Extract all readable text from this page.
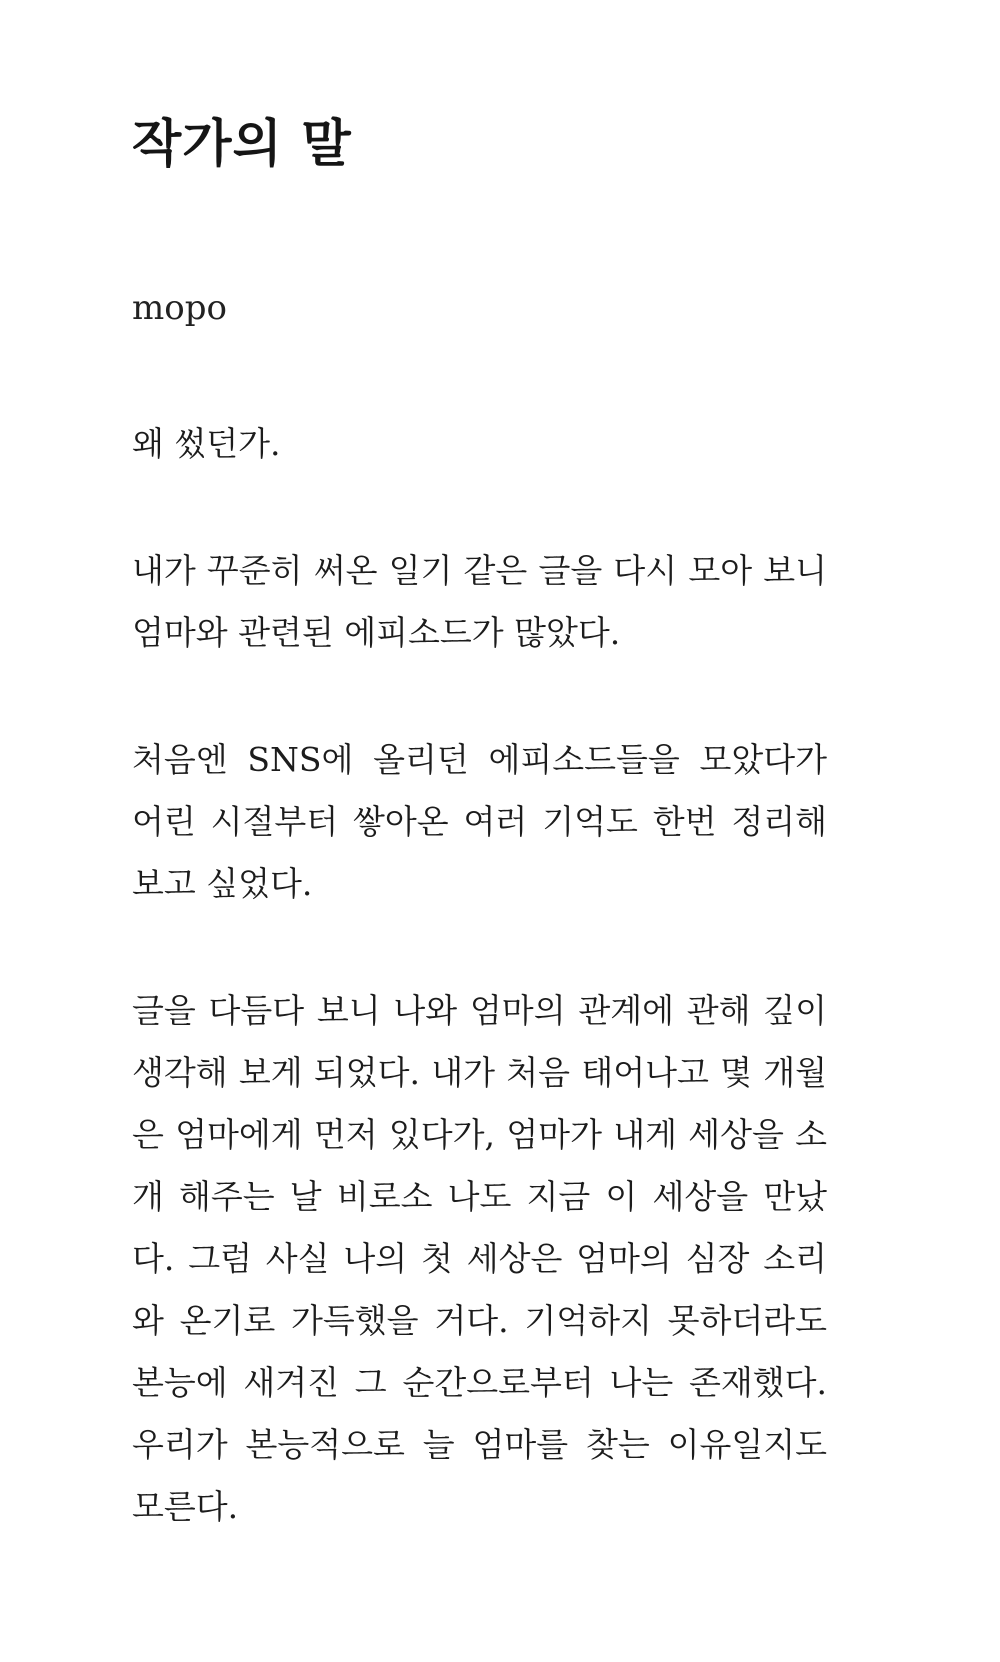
작가의 말
mopo

왜 썼던가.

내가 꾸준히 써온 일기 같은 글을 다시 모아 보니 엄마와 관련된 에피소드가 많았다.

처음엔 SNS에 올리던 에피소드들을 모았다가 어린 시절부터 쌓아온 여러 기억도 한번 정리해 보고 싶었다.

글을 다듬다 보니 나와 엄마의 관계에 관해 깊이 생각해 보게 되었다. 내가 처음 태어나고 몇 개월은 엄마에게 먼저 있다가, 엄마가 내게 세상을 소개 해주는 날 비로소 나도 지금 이 세상을 만났다. 그럼 사실 나의 첫 세상은 엄마의 심장 소리와 온기로 가득했을 거다. 기억하지 못하더라도 본능에 새겨진 그 순간으로부터 나는 존재했다. 우리가 본능적으로 늘 엄마를 찾는 이유일지도 모른다.
